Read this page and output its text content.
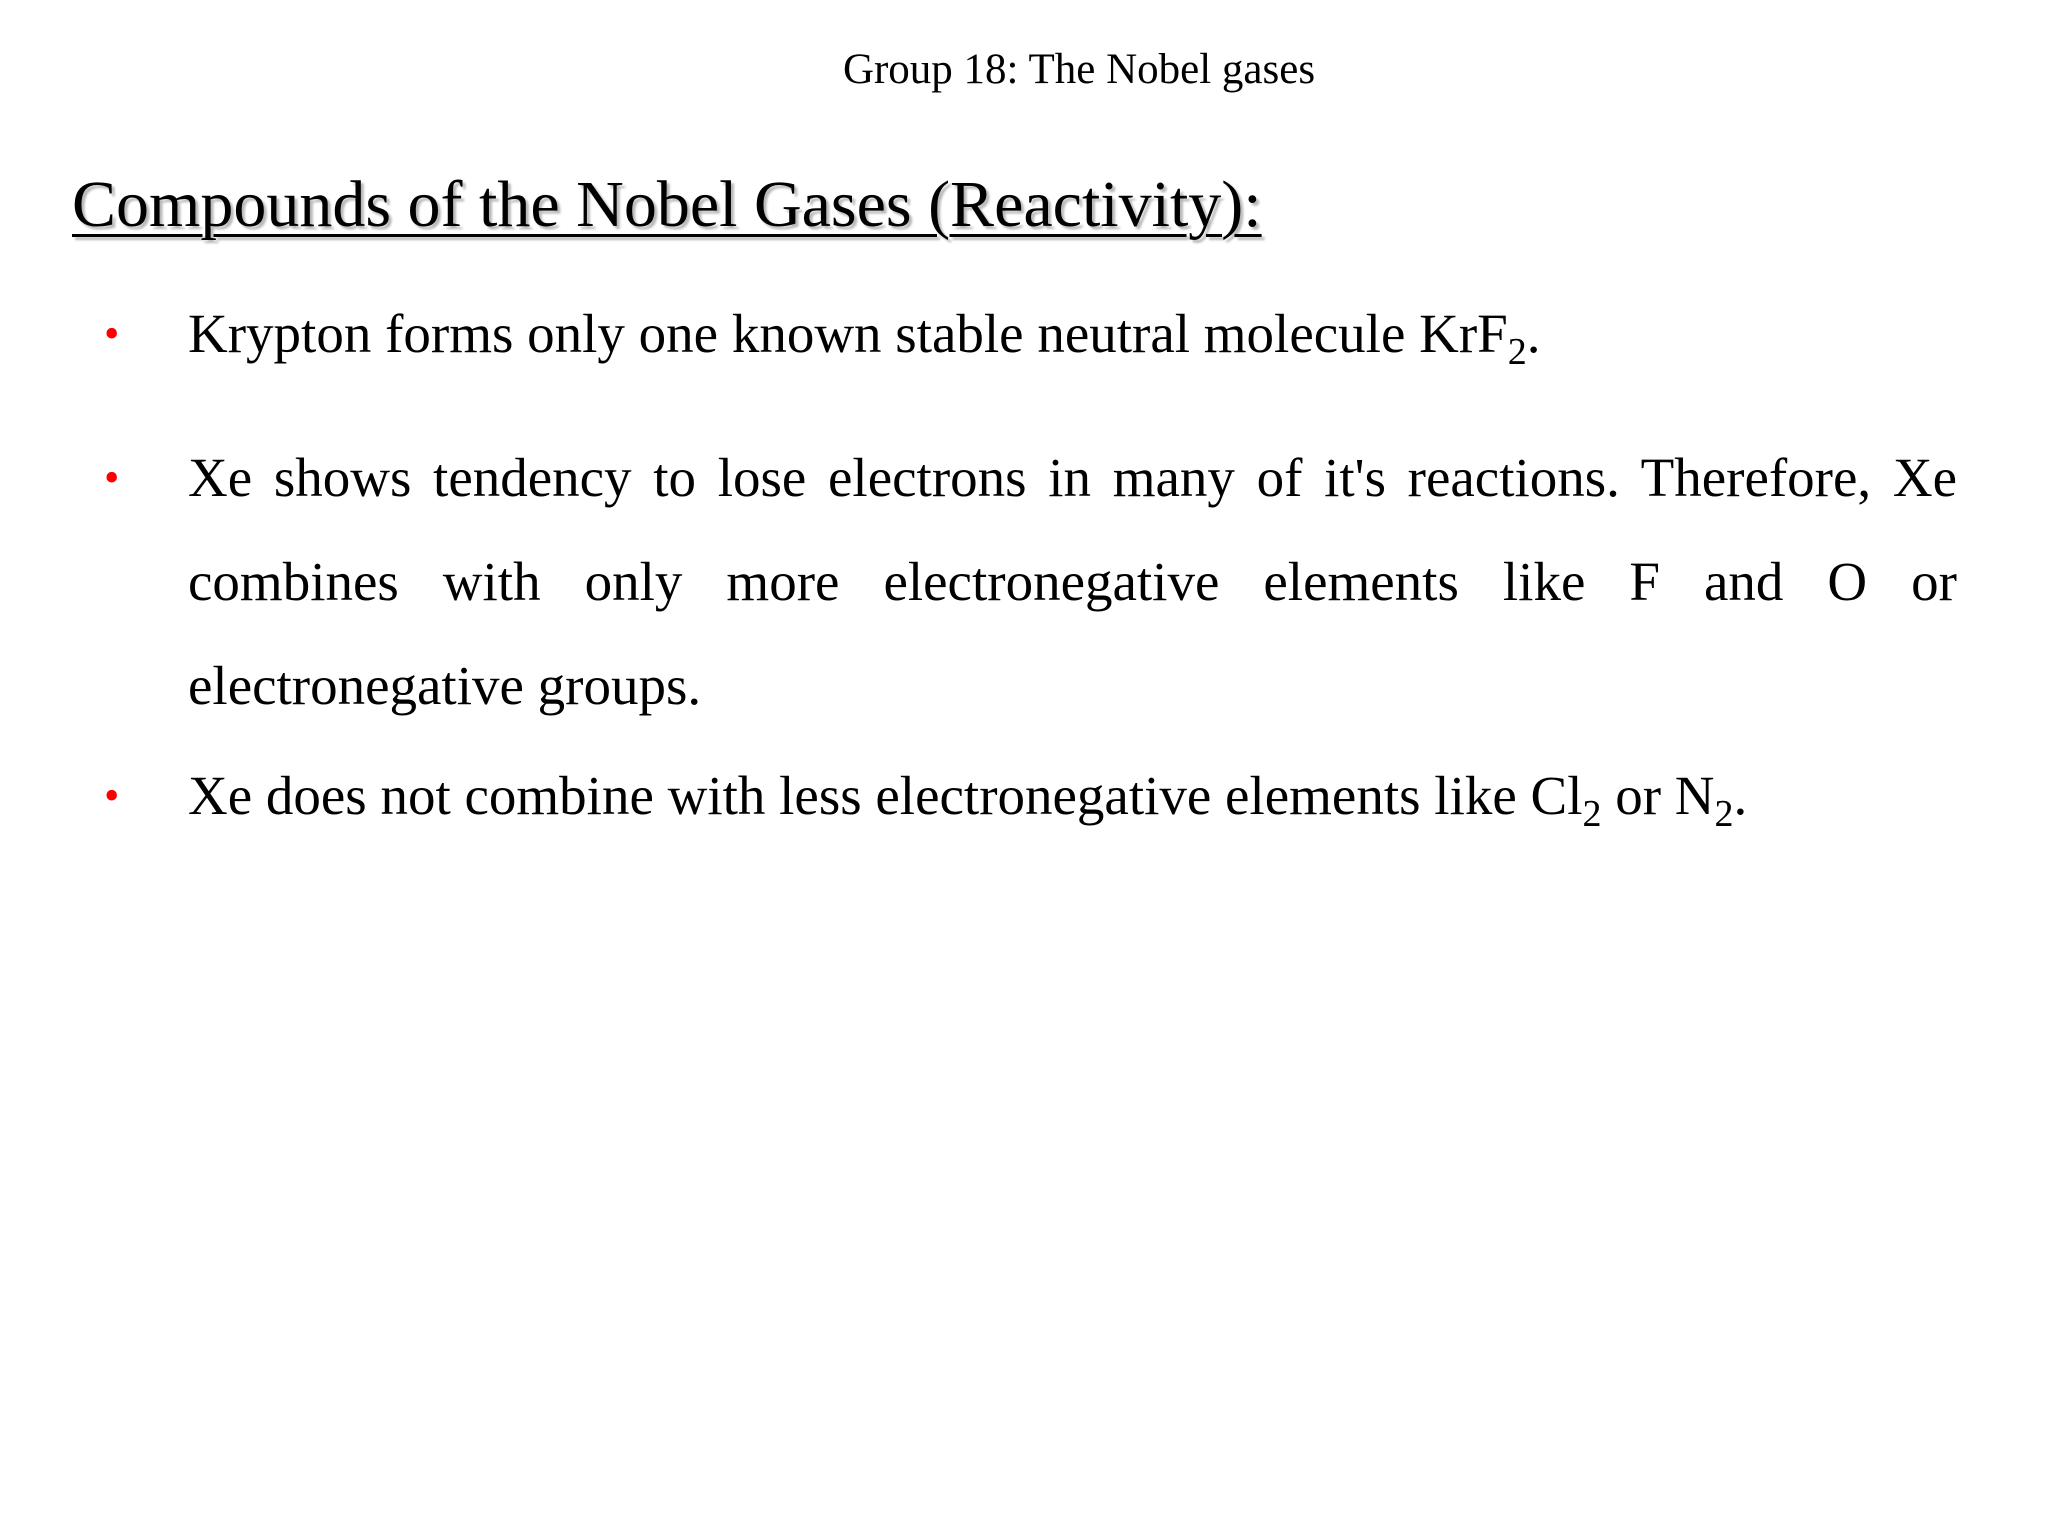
Group 18: The Nobel gases
Compounds of the Nobel Gases (Reactivity):
• Krypton forms only one known stable neutral molecule KrF$_2$.
• Xe shows tendency to lose electrons in many of it's reactions. Therefore, Xe combines with only more electronegative elements like F and O or electronegative groups.
• Xe does not combine with less electronegative elements like $Cl_2$ or $N_2$.
